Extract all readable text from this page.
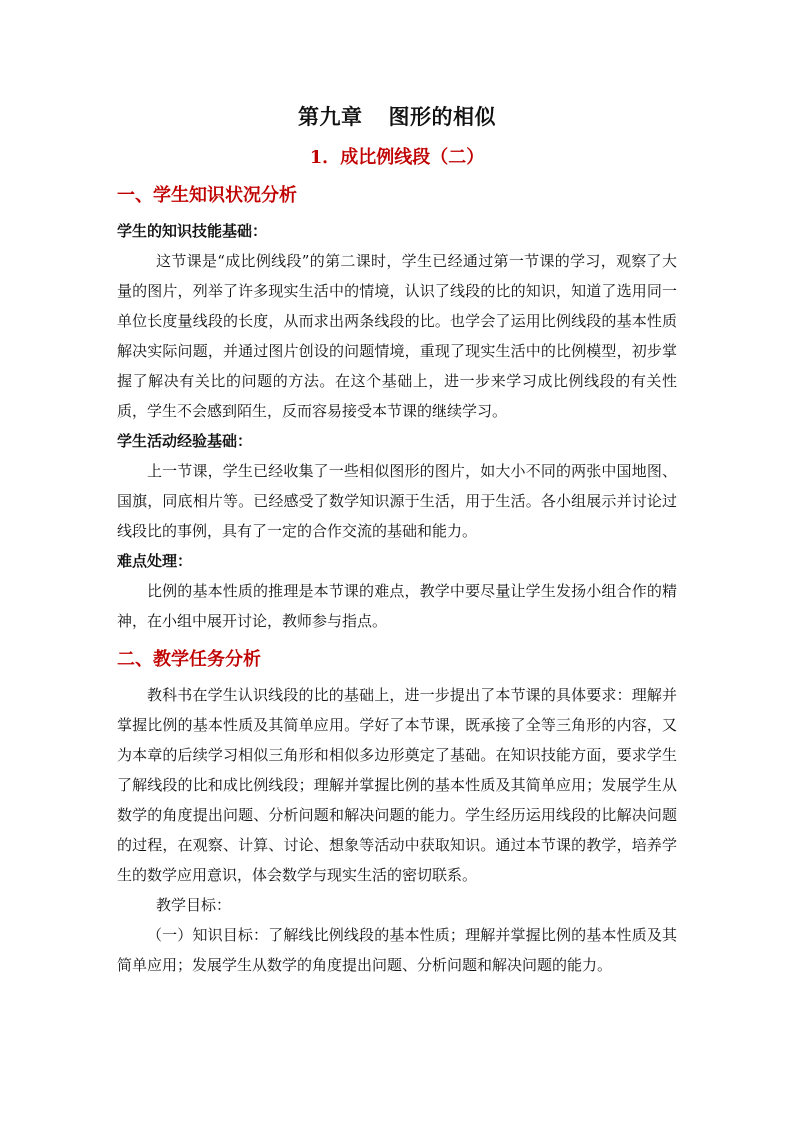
第九章 图形的相似
1．成比例线段（二）
一、学生知识状况分析

学生的知识技能基础：

这节课是“成比例线段”的第二课时，学生已经通过第一节课的学习，观察了大量的图片，列举了许多现实生活中的情境，认识了线段的比的知识，知道了选用同一单位长度量线段的长度，从而求出两条线段的比。也学会了运用比例线段的基本性质解决实际问题，并通过图片创设的问题情境，重现了现实生活中的比例模型，初步掌握了解决有关比的问题的方法。在这个基础上，进一步来学习成比例线段的有关性质，学生不会感到陌生，反而容易接受本节课的继续学习。

学生活动经验基础：

上一节课，学生已经收集了一些相似图形的图片，如大小不同的两张中国地图、国旗，同底相片等。已经感受了数学知识源于生活，用于生活。各小组展示并讨论过线段比的事例，具有了一定的合作交流的基础和能力。

难点处理：

比例的基本性质的推理是本节课的难点，教学中要尽量让学生发扬小组合作的精神，在小组中展开讨论，教师参与指点。

二、教学任务分析

教科书在学生认识线段的比的基础上，进一步提出了本节课的具体要求：理解并掌握比例的基本性质及其简单应用。学好了本节课，既承接了全等三角形的内容，又为本章的后续学习相似三角形和相似多边形奠定了基础。在知识技能方面，要求学生了解线段的比和成比例线段；理解并掌握比例的基本性质及其简单应用；发展学生从数学的角度提出问题、分析问题和解决问题的能力。学生经历运用线段的比解决问题的过程，在观察、计算、讨论、想象等活动中获取知识。通过本节课的教学，培养学生的数学应用意识，体会数学与现实生活的密切联系。

教学目标：

（一）知识目标：了解线比例线段的基本性质；理解并掌握比例的基本性质及其简单应用；发展学生从数学的角度提出问题、分析问题和解决问题的能力。
